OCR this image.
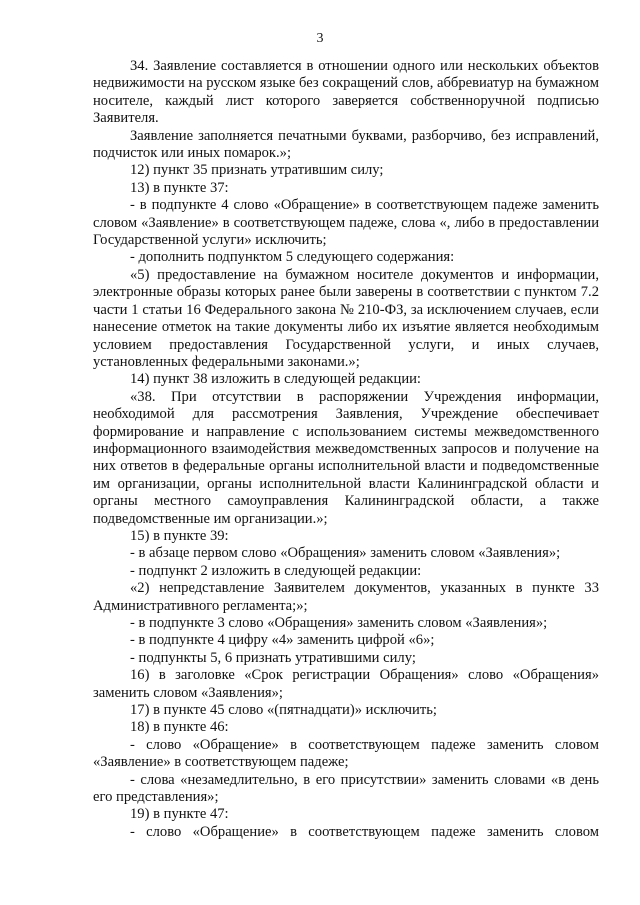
3

34. Заявление составляется в отношении одного или нескольких объектов недвижимости на русском языке без сокращений слов, аббревиатур на бумажном носителе, каждый лист которого заверяется собственноручной подписью Заявителя.

Заявление заполняется печатными буквами, разборчиво, без исправлений, подчисток или иных помарок.»;

12) пункт 35 признать утратившим силу;

13) в пункте 37:

- в подпункте 4 слово «Обращение» в соответствующем падеже заменить словом «Заявление» в соответствующем падеже, слова «, либо в предоставлении Государственной услуги» исключить;

- дополнить подпунктом 5 следующего содержания:

«5) предоставление на бумажном носителе документов и информации, электронные образы которых ранее были заверены в соответствии с пунктом 7.2 части 1 статьи 16 Федерального закона № 210-ФЗ, за исключением случаев, если нанесение отметок на такие документы либо их изъятие является необходимым условием предоставления Государственной услуги, и иных случаев, установленных федеральными законами.»;

14) пункт 38 изложить в следующей редакции:

«38. При отсутствии в распоряжении Учреждения информации, необходимой для рассмотрения Заявления, Учреждение обеспечивает формирование и направление с использованием системы межведомственного информационного взаимодействия межведомственных запросов и получение на них ответов в федеральные органы исполнительной власти и подведомственные им организации, органы исполнительной власти Калининградской области и органы местного самоуправления Калининградской области, а также подведомственные им организации.»;

15) в пункте 39:

- в абзаце первом слово «Обращения» заменить словом «Заявления»;

- подпункт 2 изложить в следующей редакции:

«2) непредставление Заявителем документов, указанных в пункте 33 Административного регламента;»;

- в подпункте 3 слово «Обращения» заменить словом «Заявления»;

- в подпункте 4 цифру «4» заменить цифрой «6»;

- подпункты 5, 6 признать утратившими силу;

16) в заголовке «Срок регистрации Обращения» слово «Обращения» заменить словом «Заявления»;

17) в пункте 45 слово «(пятнадцати)» исключить;

18) в пункте 46:

- слово «Обращение» в соответствующем падеже заменить словом «Заявление» в соответствующем падеже;

- слова «незамедлительно, в его присутствии» заменить словами «в день его представления»;

19) в пункте 47:

- слово «Обращение» в соответствующем падеже заменить словом
